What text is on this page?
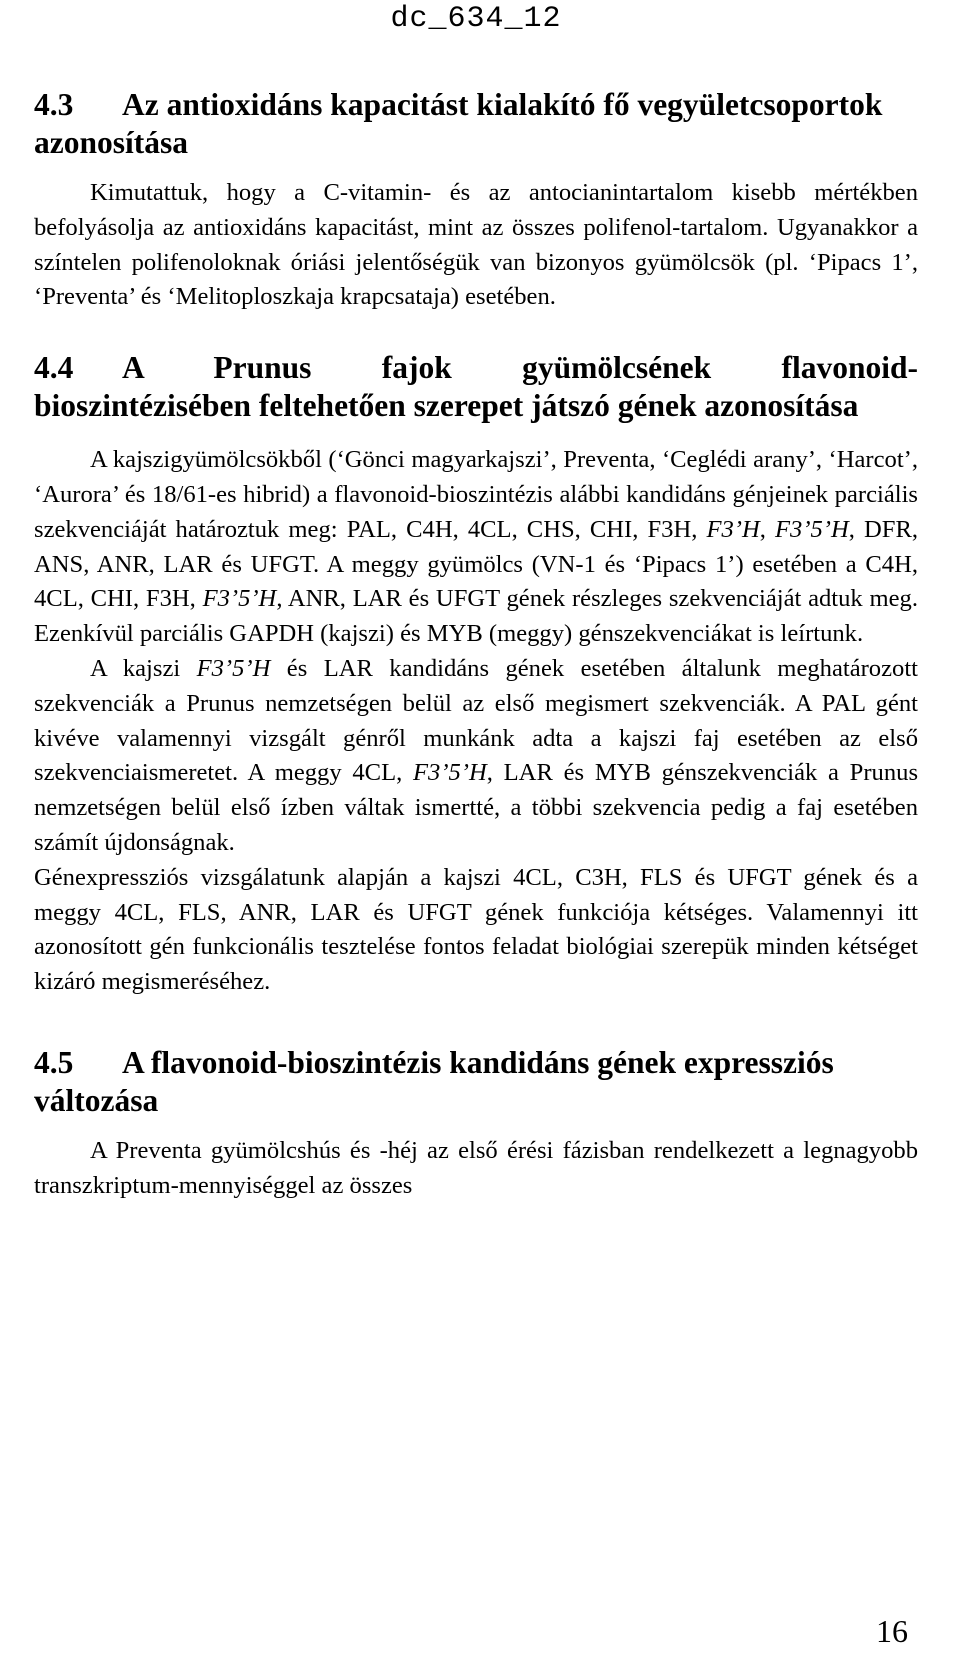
dc_634_12
4.3 Az antioxidáns kapacitást kialakító fő vegyületcsoportok azonosítása

Kimutattuk, hogy a C-vitamin- és az antocianintartalom kisebb mértékben befolyásolja az antioxidáns kapacitást, mint az összes polifenol-tartalom. Ugyanakkor a színtelen polifenoloknak óriási jelentőségük van bizonyos gyümölcsök (pl. ‘Pipacs 1’, ‘Preventa’ és ‘Melitoploszkaja krapcsataja) esetében.

4.4 A Prunus fajok gyümölcsének flavonoid-
bioszintézisében feltehetően szerepet játszó gének azonosítása

A kajszigyümölcsökből (‘Gönci magyarkajszi’, Preventa, ‘Ceglédi arany’, ‘Harcot’, ‘Aurora’ és 18/61-es hibrid) a flavonoid-bioszintézis alábbi kandidáns génjeinek parciális szekvenciáját határoztuk meg: PAL, C4H, 4CL, CHS, CHI, F3H, F3’H, F3’5’H, DFR, ANS, ANR, LAR és UFGT. A meggy gyümölcs (VN-1 és ‘Pipacs 1’) esetében a C4H, 4CL, CHI, F3H, F3’5’H, ANR, LAR és UFGT gének részleges szekvenciáját adtuk meg. Ezenkívül parciális GAPDH (kajszi) és MYB (meggy) génszekvenciákat is leírtunk.

A kajszi F3’5’H és LAR kandidáns gének esetében általunk meghatározott szekvenciák a Prunus nemzetségen belül az első megismert szekvenciák. A PAL gént kivéve valamennyi vizsgált génről munkánk adta a kajszi faj esetében az első szekvenciaismeretet. A meggy 4CL, F3’5’H, LAR és MYB génszekvenciák a Prunus nemzetségen belül első ízben váltak ismertté, a többi szekvencia pedig a faj esetében számít újdonságnak.

Génexpressziós vizsgálatunk alapján a kajszi 4CL, C3H, FLS és UFGT gének és a meggy 4CL, FLS, ANR, LAR és UFGT gének funkciója kétséges. Valamennyi itt azonosított gén funkcionális tesztelése fontos feladat biológiai szerepük minden kétséget kizáró megismeréséhez.

4.5 A flavonoid-bioszintézis kandidáns gének expressziós változása

A Preventa gyümölcshús és -héj az első érési fázisban rendelkezett a legnagyobb transzkriptum-mennyiséggel az összes

16
